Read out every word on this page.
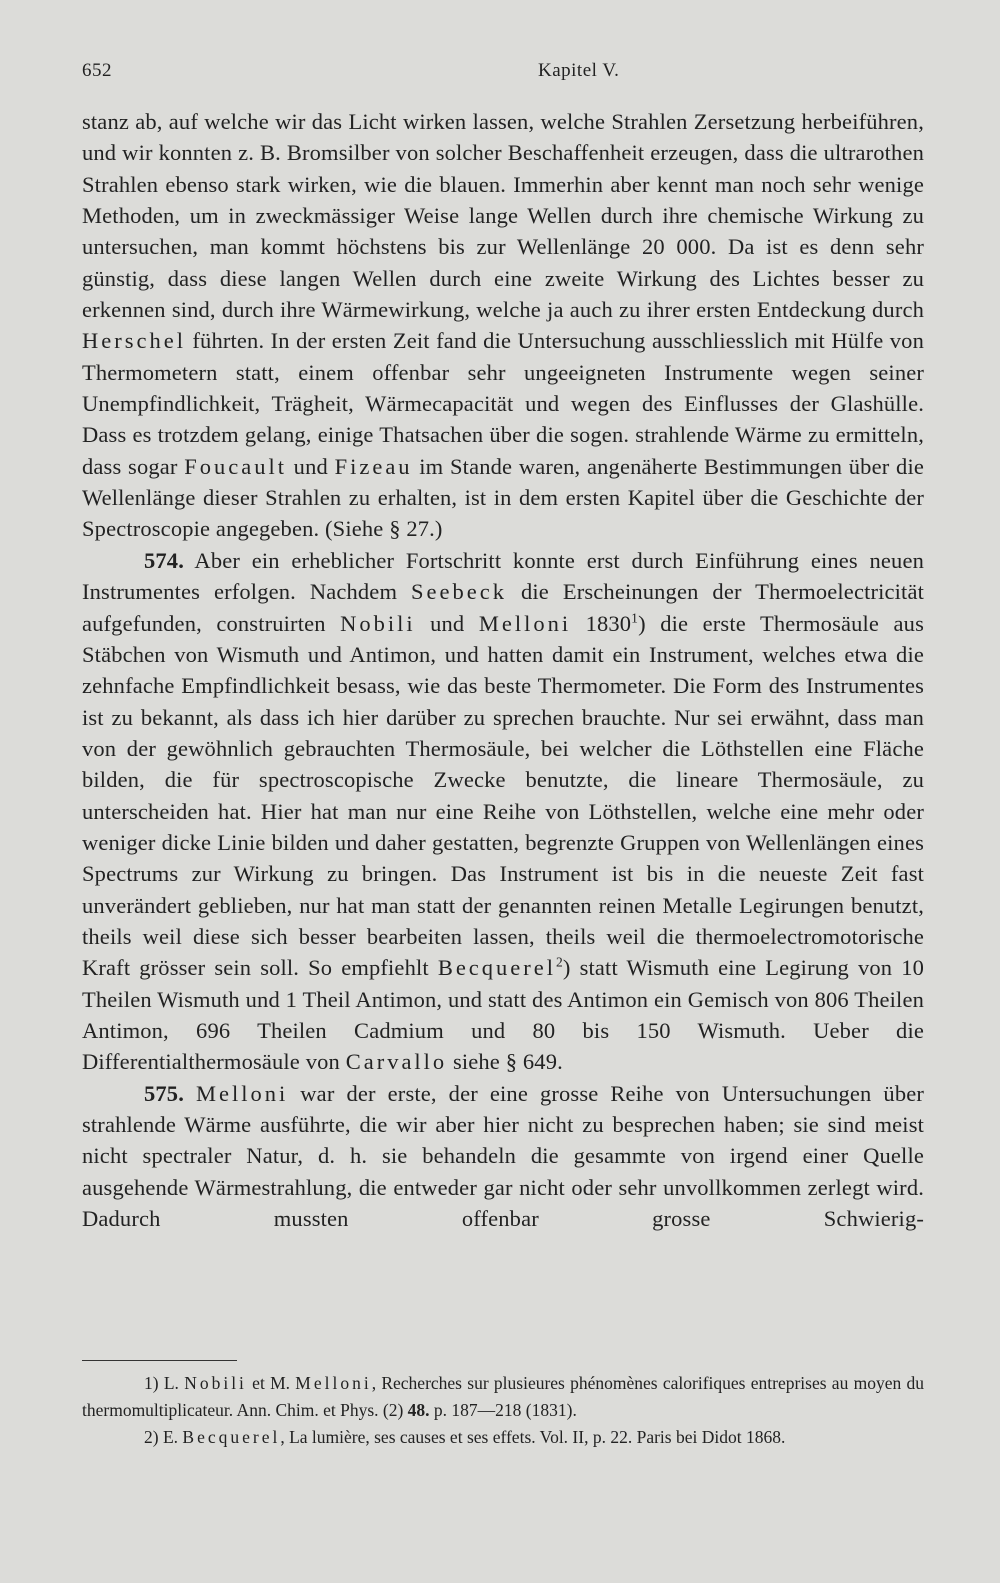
652	Kapitel V.

stanz ab, auf welche wir das Licht wirken lassen, welche Strahlen Zersetzung herbeiführen, und wir konnten z. B. Bromsilber von solcher Beschaffenheit erzeugen, dass die ultrarothen Strahlen ebenso stark wirken, wie die blauen. Immerhin aber kennt man noch sehr wenige Methoden, um in zweckmässiger Weise lange Wellen durch ihre chemische Wirkung zu untersuchen, man kommt höchstens bis zur Wellenlänge 20 000. Da ist es denn sehr günstig, dass diese langen Wellen durch eine zweite Wirkung des Lichtes besser zu erkennen sind, durch ihre Wärmewirkung, welche ja auch zu ihrer ersten Entdeckung durch Herschel führten. In der ersten Zeit fand die Untersuchung ausschliesslich mit Hülfe von Thermometern statt, einem offenbar sehr ungeeigneten Instrumente wegen seiner Unempfindlichkeit, Trägheit, Wärmecapacität und wegen des Einflusses der Glashülle. Dass es trotzdem gelang, einige Thatsachen über die sogen. strahlende Wärme zu ermitteln, dass sogar Foucault und Fizeau im Stande waren, angenäherte Bestimmungen über die Wellenlänge dieser Strahlen zu erhalten, ist in dem ersten Kapitel über die Geschichte der Spectroscopie angegeben. (Siehe § 27.)

574. Aber ein erheblicher Fortschritt konnte erst durch Einführung eines neuen Instrumentes erfolgen. Nachdem Seebeck die Erscheinungen der Thermoelectricität aufgefunden, construirten Nobili und Melloni 1830$^1$) die erste Thermosäule aus Stäbchen von Wismuth und Antimon, und hatten damit ein Instrument, welches etwa die zehnfache Empfindlichkeit besass, wie das beste Thermometer. Die Form des Instrumentes ist zu bekannt, als dass ich hier darüber zu sprechen brauchte. Nur sei erwähnt, dass man von der gewöhnlich gebrauchten Thermosäule, bei welcher die Löthstellen eine Fläche bilden, die für spectroscopische Zwecke benutzte, die lineare Thermosäule, zu unterscheiden hat. Hier hat man nur eine Reihe von Löthstellen, welche eine mehr oder weniger dicke Linie bilden und daher gestatten, begrenzte Gruppen von Wellenlängen eines Spectrums zur Wirkung zu bringen. Das Instrument ist bis in die neueste Zeit fast unverändert geblieben, nur hat man statt der genannten reinen Metalle Legirungen benutzt, theils weil diese sich besser bearbeiten lassen, theils weil die thermoelectromotorische Kraft grösser sein soll. So empfiehlt Becquerel$^2$) statt Wismuth eine Legirung von 10 Theilen Wismuth und 1 Theil Antimon, und statt des Antimon ein Gemisch von 806 Theilen Antimon, 696 Theilen Cadmium und 80 bis 150 Wismuth. Ueber die Differentialthermosäule von Carvallo siehe § 649.

575. Melloni war der erste, der eine grosse Reihe von Untersuchungen über strahlende Wärme ausführte, die wir aber hier nicht zu besprechen haben; sie sind meist nicht spectraler Natur, d. h. sie behandeln die gesammte von irgend einer Quelle ausgehende Wärmestrahlung, die entweder gar nicht oder sehr unvollkommen zerlegt wird. Dadurch mussten offenbar grosse Schwierig-

1) L. Nobili et M. Melloni, Recherches sur plusieures phénomènes calorifiques entreprises au moyen du thermomultiplicateur. Ann. Chim. et Phys. (2) 48. p. 187—218 (1831).

2) E. Becquerel, La lumière, ses causes et ses effets. Vol. II, p. 22. Paris bei Didot 1868.
